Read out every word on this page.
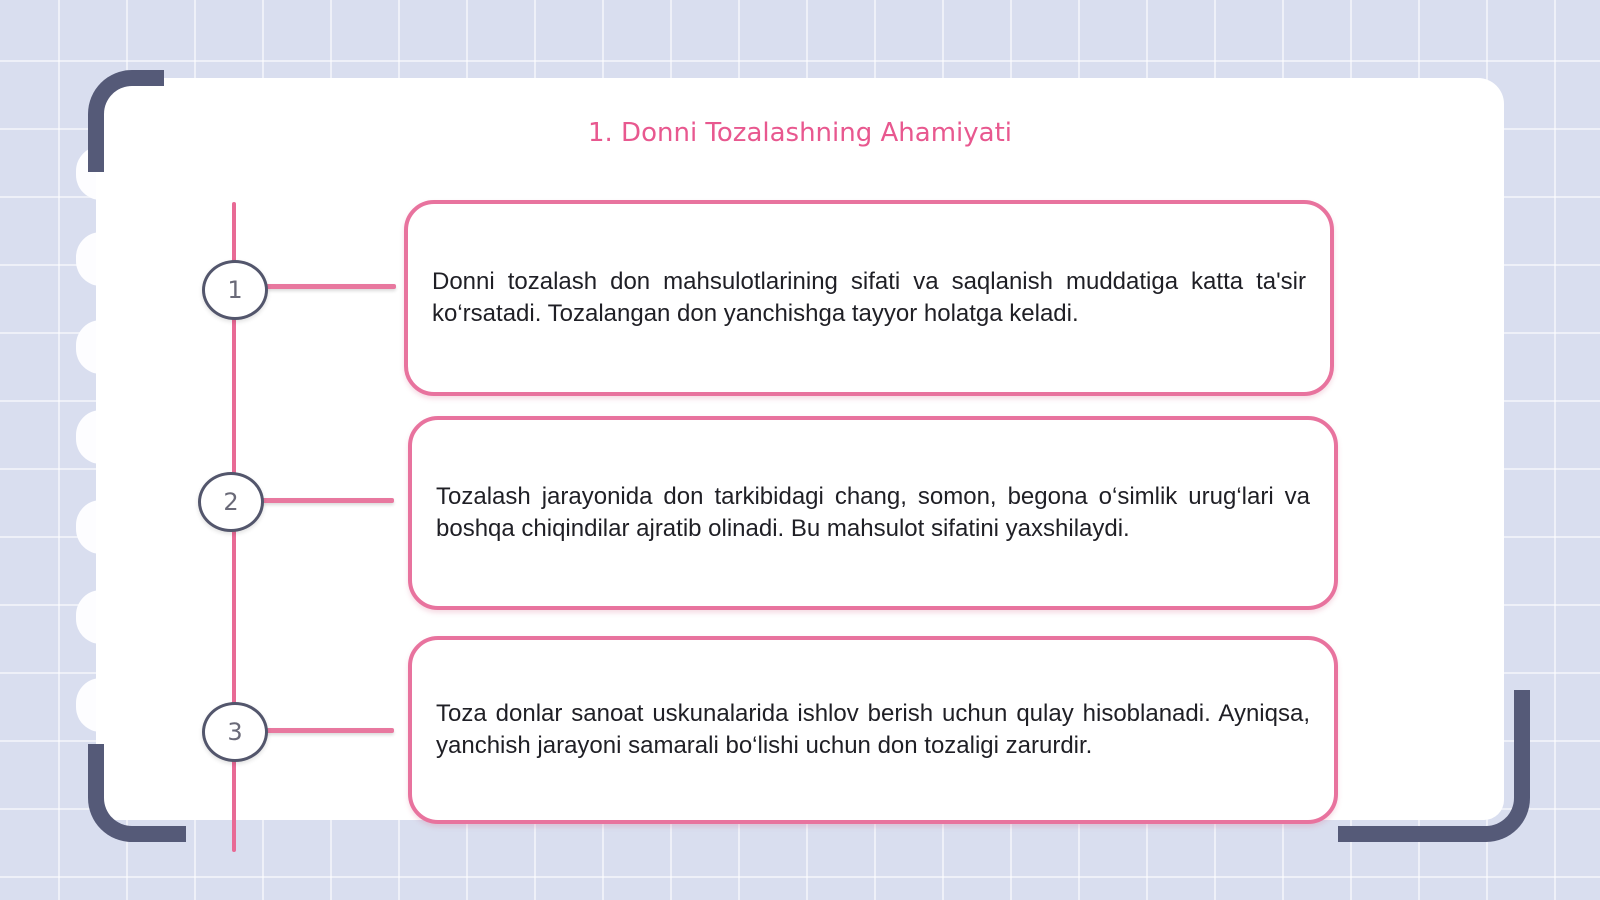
1. Donni Tozalashning Ahamiyati
1	Donni tozalash don mahsulotlarining sifati va saqlanish muddatiga katta ta'sir ko‘rsatadi. Tozalangan don yanchishga tayyor holatga keladi.

2	Tozalash jarayonida don tarkibidagi chang, somon, begona o‘simlik urug‘lari va boshqa chiqindilar ajratib olinadi. Bu mahsulot sifatini yaxshilaydi.

3

Toza donlar sanoat uskunalarida ishlov berish uchun qulay hisoblanadi. Ayniqsa, yanchish jarayoni samarali bo‘lishi uchun don tozaligi zarurdir.
